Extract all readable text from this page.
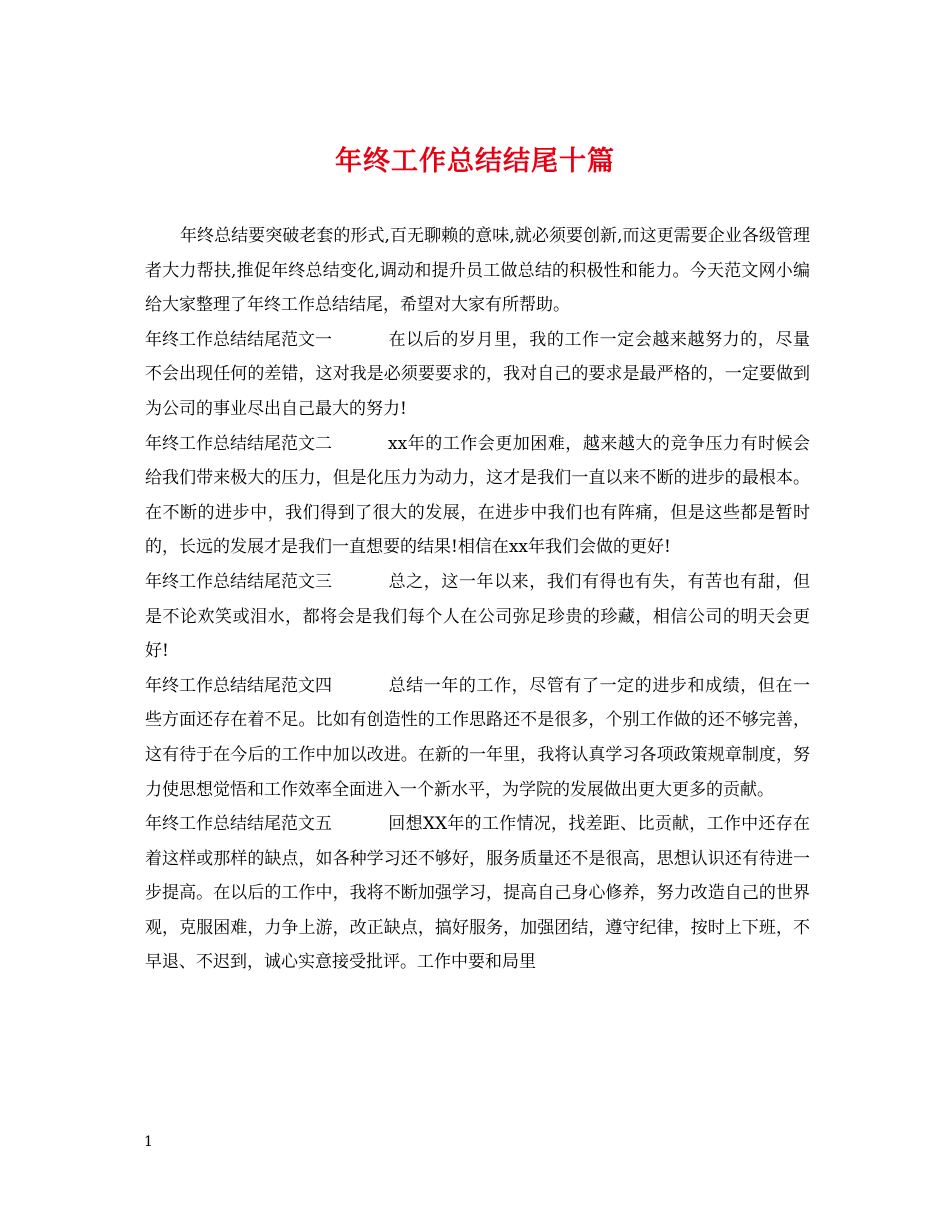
年终工作总结结尾十篇

年终总结要突破老套的形式,百无聊赖的意味,就必须要创新,而这更需要企业各级管理者大力帮扶,推促年终总结变化,调动和提升员工做总结的积极性和能力。今天范文网小编给大家整理了年终工作总结结尾，希望对大家有所帮助。

年终工作总结结尾范文一	在以后的岁月里，我的工作一定会越来越努力的，尽量不会出现任何的差错，这对我是必须要要求的，我对自己的要求是最严格的，一定要做到为公司的事业尽出自己最大的努力!

年终工作总结结尾范文二	xx年的工作会更加困难，越来越大的竞争压力有时候会给我们带来极大的压力，但是化压力为动力，这才是我们一直以来不断的进步的最根本。在不断的进步中，我们得到了很大的发展，在进步中我们也有阵痛，但是这些都是暂时的，长远的发展才是我们一直想要的结果!相信在xx年我们会做的更好!

年终工作总结结尾范文三	总之，这一年以来，我们有得也有失，有苦也有甜，但是不论欢笑或泪水，都将会是我们每个人在公司弥足珍贵的珍藏，相信公司的明天会更好!

年终工作总结结尾范文四	总结一年的工作，尽管有了一定的进步和成绩，但在一些方面还存在着不足。比如有创造性的工作思路还不是很多，个别工作做的还不够完善，这有待于在今后的工作中加以改进。在新的一年里，我将认真学习各项政策规章制度，努力使思想觉悟和工作效率全面进入一个新水平，为学院的发展做出更大更多的贡献。

年终工作总结结尾范文五	回想XX年的工作情况，找差距、比贡献，工作中还存在着这样或那样的缺点，如各种学习还不够好，服务质量还不是很高，思想认识还有待进一步提高。在以后的工作中，我将不断加强学习，提高自己身心修养，努力改造自己的世界观，克服困难，力争上游，改正缺点，搞好服务，加强团结，遵守纪律，按时上下班，不早退、不迟到，诚心实意接受批评。工作中要和局里

1
